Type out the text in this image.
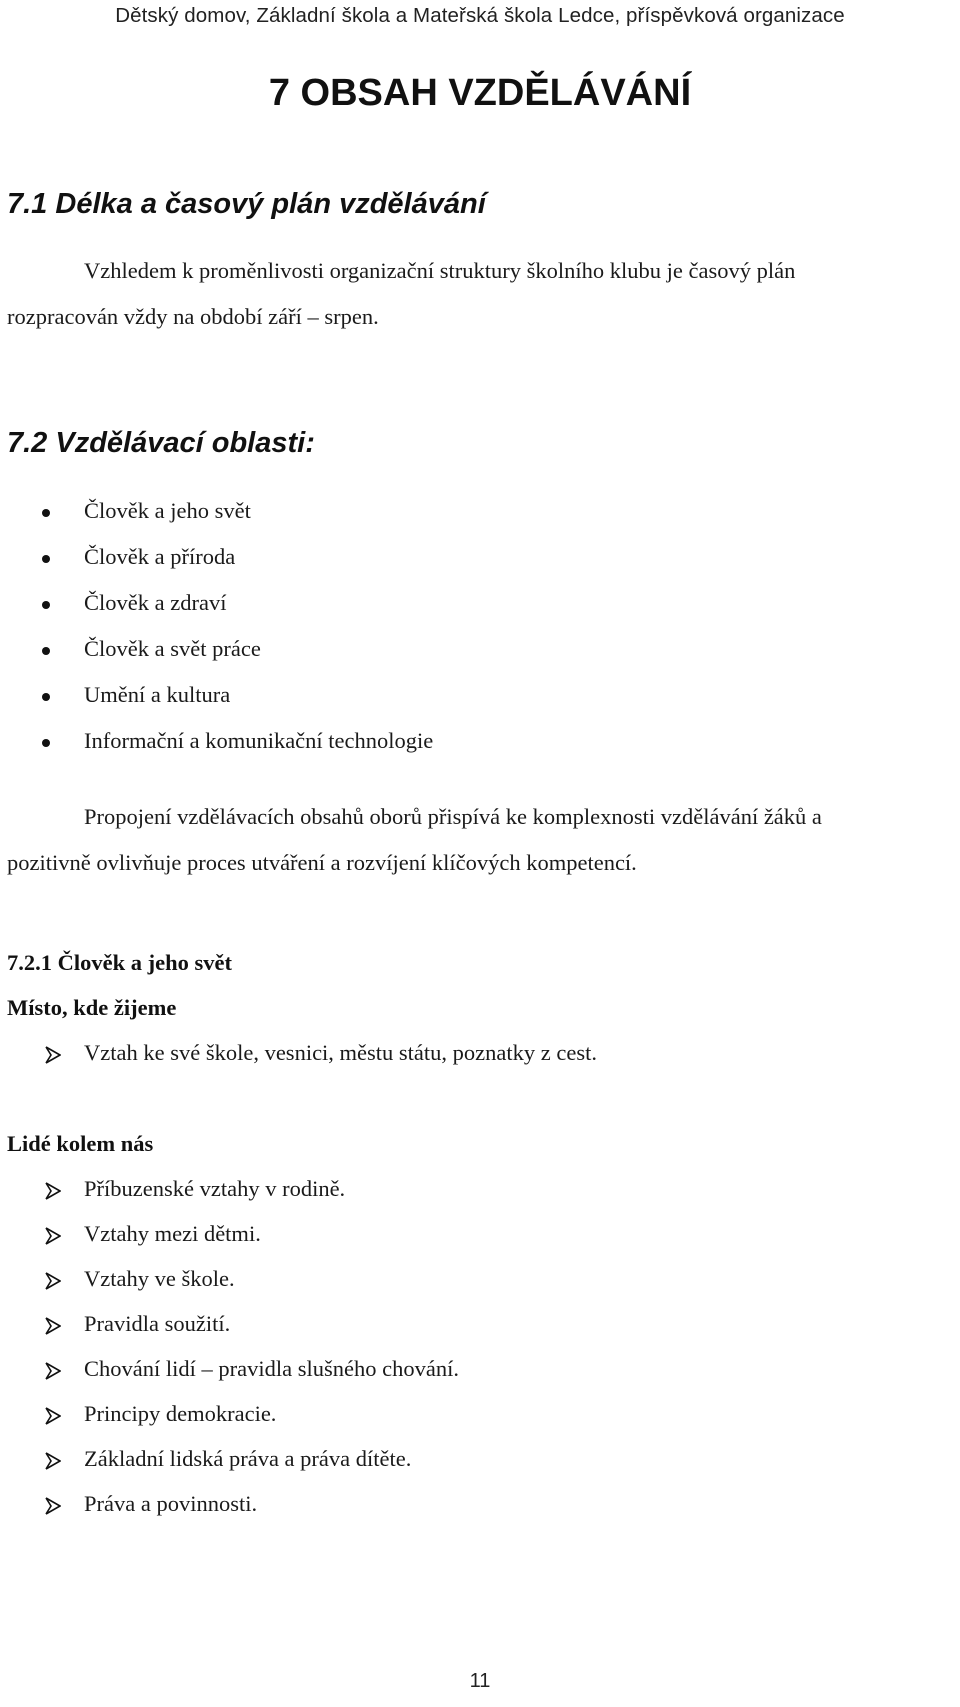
Dětský domov, Základní škola a Mateřská škola Ledce, příspěvková organizace
7 OBSAH VZDĚLÁVÁNÍ
7.1 Délka a časový plán vzdělávání
Vzhledem k proměnlivosti organizační struktury školního klubu je časový plán
rozpracován vždy na období září – srpen.
7.2 Vzdělávací oblasti:
Člověk a jeho svět
Člověk a příroda
Člověk a zdraví
Člověk a svět práce
Umění a kultura
Informační a komunikační technologie
Propojení vzdělávacích obsahů oborů přispívá ke komplexnosti vzdělávání žáků a
pozitivně ovlivňuje proces utváření a rozvíjení klíčových kompetencí.
7.2.1 Člověk a jeho svět
Místo, kde žijeme
Vztah ke své škole, vesnici, městu státu, poznatky z cest.
Lidé kolem nás
Příbuzenské vztahy v rodině.
Vztahy mezi dětmi.
Vztahy ve škole.
Pravidla soužití.
Chování lidí – pravidla slušného chování.
Principy demokracie.
Základní lidská práva a práva dítěte.
Práva a povinnosti.
11
